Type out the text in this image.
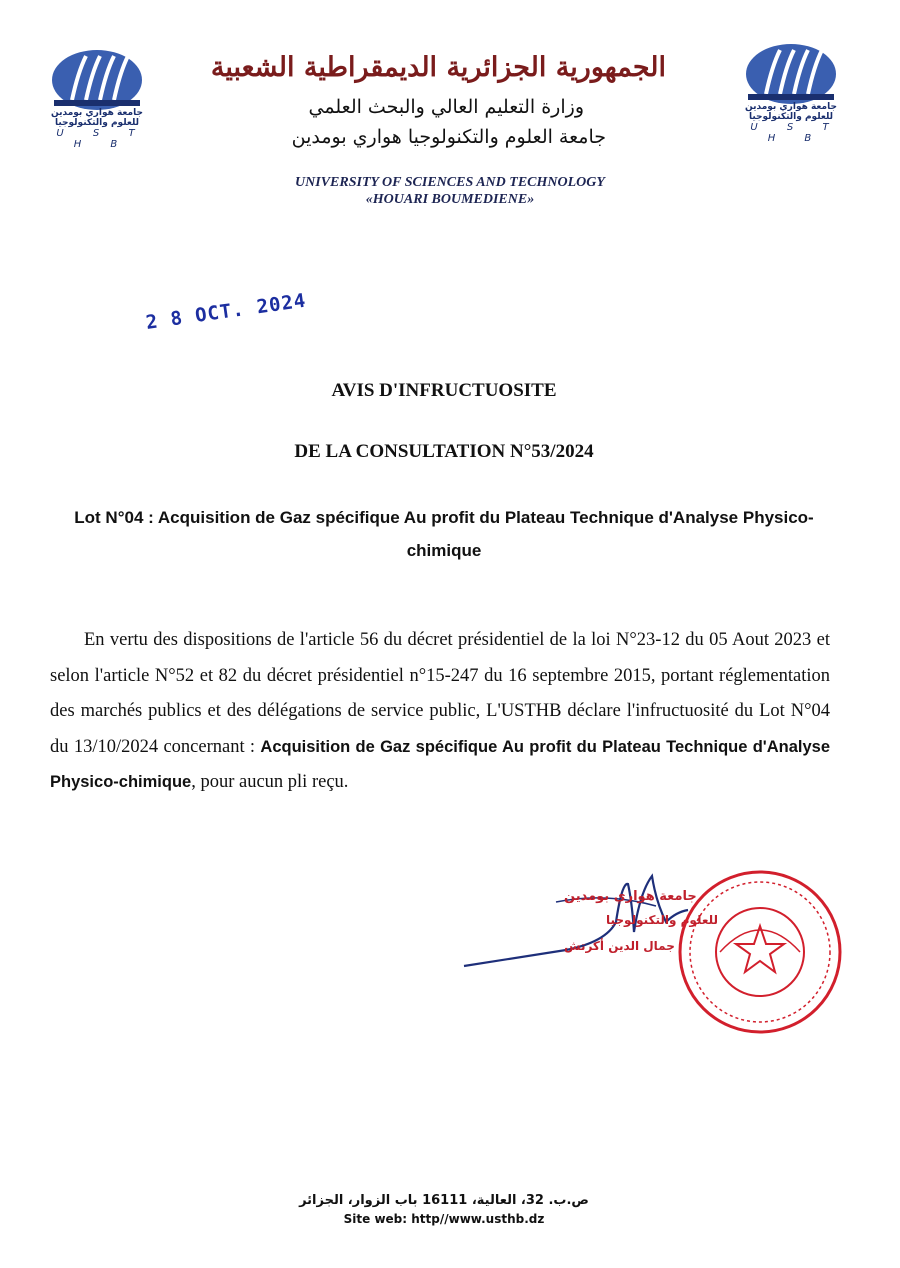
جامعة هواري بومدين
للعلوم والتكنولوجيا
U S T H B
جامعة هواري بومدين
للعلوم والتكنولوجيا
U S T H B
الجمهورية الجزائرية الديمقراطية الشعبية
وزارة التعليم العالي والبحث العلمي
جامعة العلوم والتكنولوجيا هواري بومدين
UNIVERSITY OF SCIENCES AND TECHNOLOGY
«HOUARI BOUMEDIENE»
2 8 OCT. 2024
AVIS D'INFRUCTUOSITE
DE LA CONSULTATION N°53/2024
Lot N°04 : Acquisition de Gaz spécifique Au profit du Plateau Technique d'Analyse Physico-chimique
En vertu des dispositions de l'article 56 du décret présidentiel de la loi N°23-12 du 05 Aout 2023 et selon l'article N°52 et 82 du décret présidentiel n°15-247 du 16 septembre 2015, portant réglementation des marchés publics et des délégations de service public, L'USTHB déclare l'infructuosité du Lot N°04 du 13/10/2024 concernant : Acquisition de Gaz spécifique Au profit du Plateau Technique d'Analyse Physico-chimique, pour aucun pli reçu.
جامعة هواري بومدين
للعلوم والتكنولوجيا
جمال الدين أكرتش
ص.ب. 32، العالية، 16111 باب الزوار، الجزائر
Site web: http//www.usthb.dz
